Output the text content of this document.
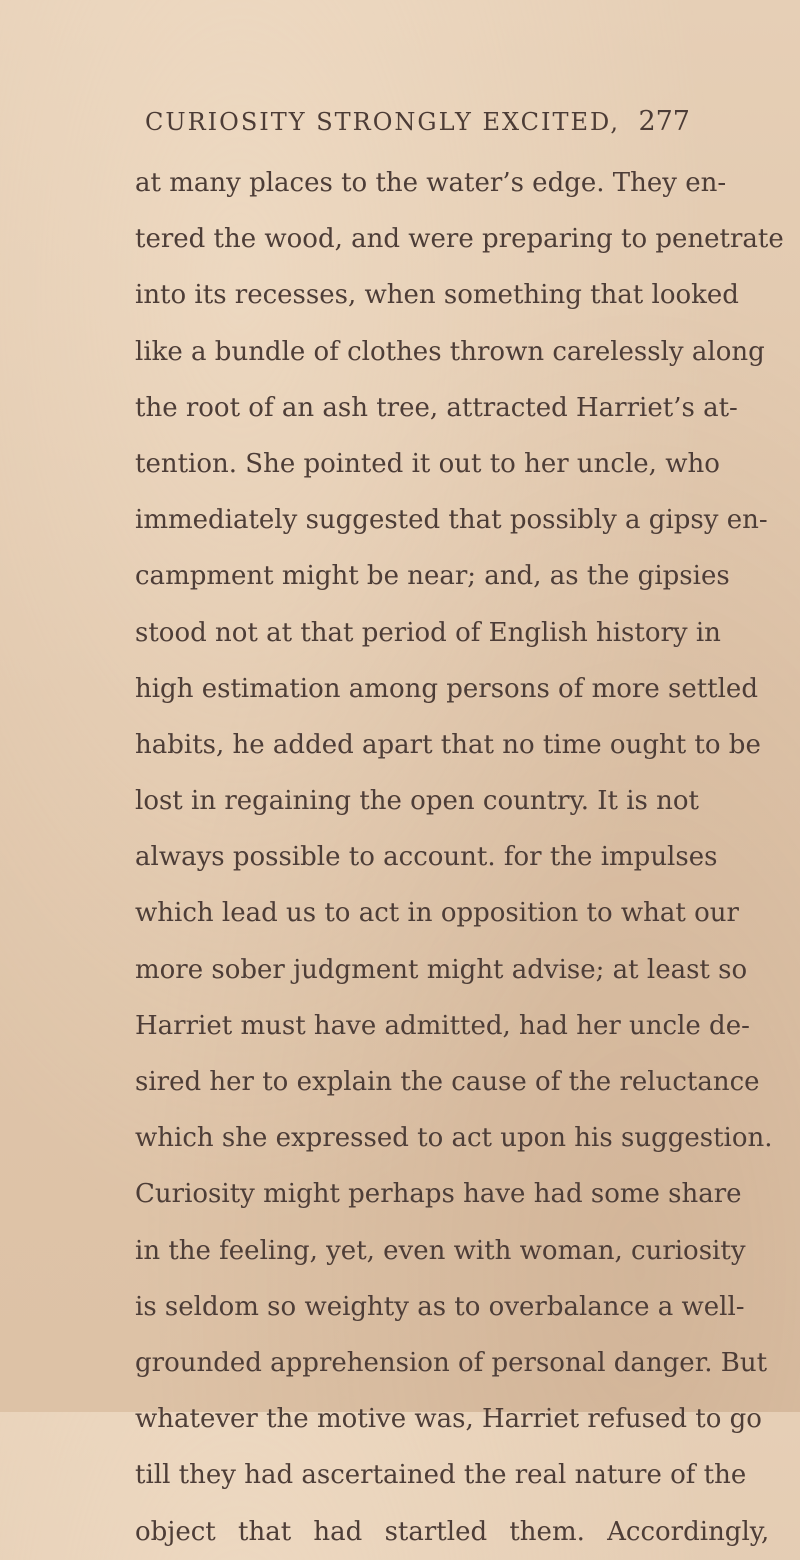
CURIOSITY STRONGLY EXCITED, 277
at many places to the water’s edge. They en-
tered the wood, and were preparing to penetrate
into its recesses, when something that looked
like a bundle of clothes thrown carelessly along
the root of an ash tree, attracted Harriet’s at-
tention. She pointed it out to her uncle, who
immediately suggested that possibly a gipsy en-
campment might be near; and, as the gipsies
stood not at that period of English history in
high estimation among persons of more settled
habits, he added apart that no time ought to be
lost in regaining the open country. It is not
always possible to account. for the impulses
which lead us to act in opposition to what our
more sober judgment might advise; at least so
Harriet must have admitted, had her uncle de-
sired her to explain the cause of the reluctance
which she expressed to act upon his suggestion.
Curiosity might perhaps have had some share
in the feeling, yet, even with woman, curiosity
is seldom so weighty as to overbalance a well-
grounded apprehension of personal danger. But
whatever the motive was, Harriet refused to go
till they had ascertained the real nature of the
object that had startled them. Accordingly,
